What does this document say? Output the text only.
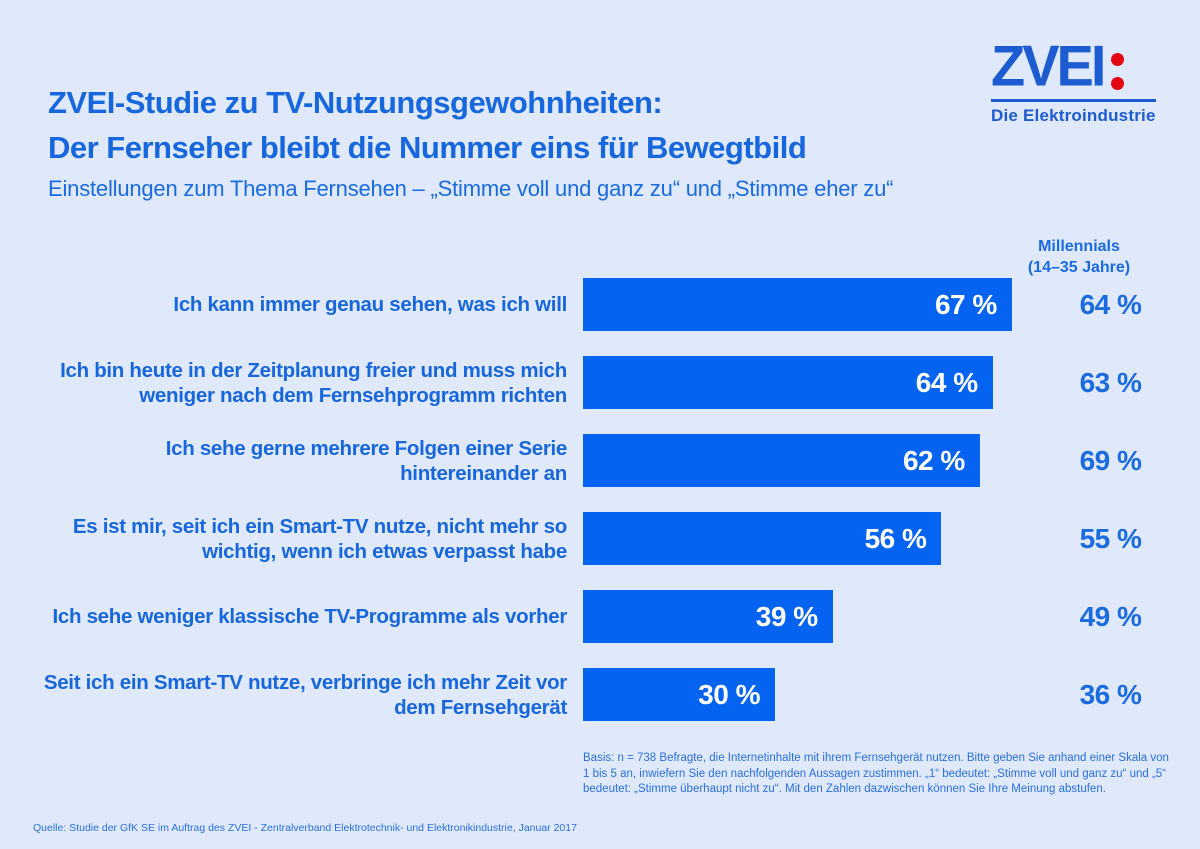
ZVEI
Die Elektroindustrie
ZVEI-Studie zu TV-Nutzungsgewohnheiten:
Der Fernseher bleibt die Nummer eins für Bewegtbild
Einstellungen zum Thema Fernsehen – „Stimme voll und ganz zu“ und „Stimme eher zu“
Millennials
(14–35 Jahre)
Ich kann immer genau sehen, was ich will	67 %	64 %
Ich bin heute in der Zeitplanung freier und muss mich weniger nach dem Fernsehprogramm richten	64 %	63 %
Ich sehe gerne mehrere Folgen einer Serie hintereinander an	62 %	69 %
Es ist mir, seit ich ein Smart-TV nutze, nicht mehr so wichtig, wenn ich etwas verpasst habe	56 %	55 %
Ich sehe weniger klassische TV-Programme als vorher	39 %	49 %
Seit ich ein Smart-TV nutze, verbringe ich mehr Zeit vor dem Fernsehgerät	30 %	36 %
Basis: n = 738 Befragte, die Internetinhalte mit ihrem Fernsehgerät nutzen. Bitte geben Sie anhand einer Skala von 1 bis 5 an, inwiefern Sie den nachfolgenden Aussagen zustimmen. „1“ bedeutet: „Stimme voll und ganz zu“ und „5“ bedeutet: „Stimme überhaupt nicht zu“. Mit den Zahlen dazwischen können Sie Ihre Meinung abstufen.
Quelle: Studie der GfK SE im Auftrag des ZVEI - Zentralverband Elektrotechnik- und Elektronikindustrie, Januar 2017
